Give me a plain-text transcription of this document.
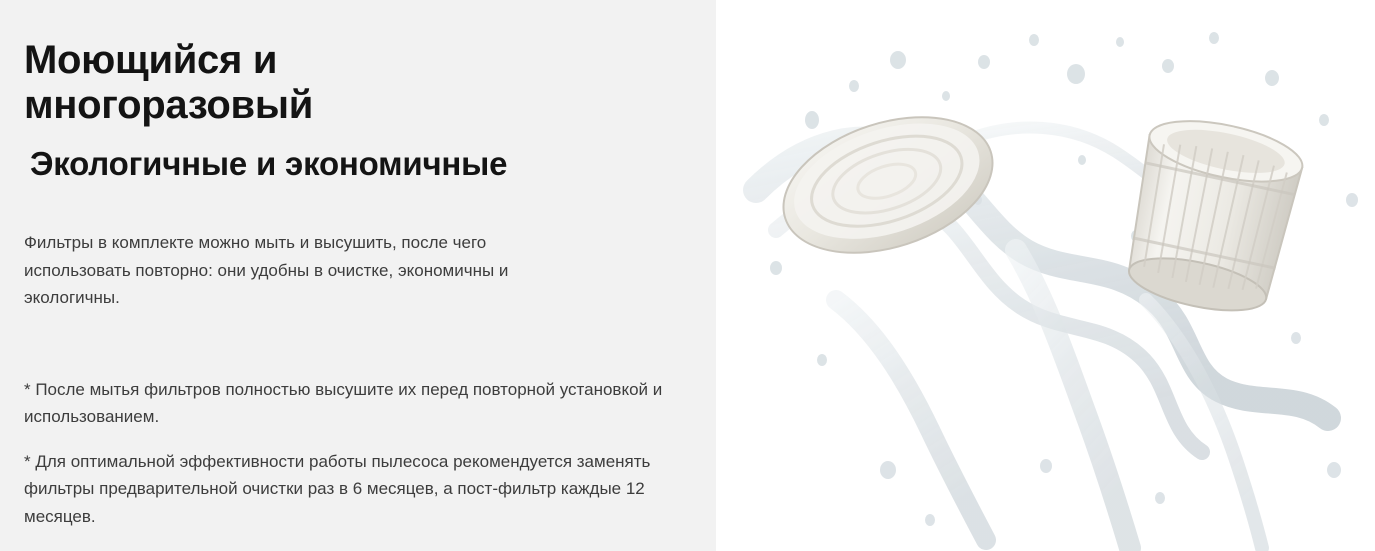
Моющийся и
многоразовый
Экологичные и экономичные

Фильтры в комплекте можно мыть и высушить, после чего использовать повторно: они удобны в очистке, экономичны и экологичны.

* После мытья фильтров полностью высушите их перед повторной установкой и использованием.

* Для оптимальной эффективности работы пылесоса рекомендуется заменять фильтры предварительной очистки раз в 6 месяцев, а пост-фильтр каждые 12 месяцев.
